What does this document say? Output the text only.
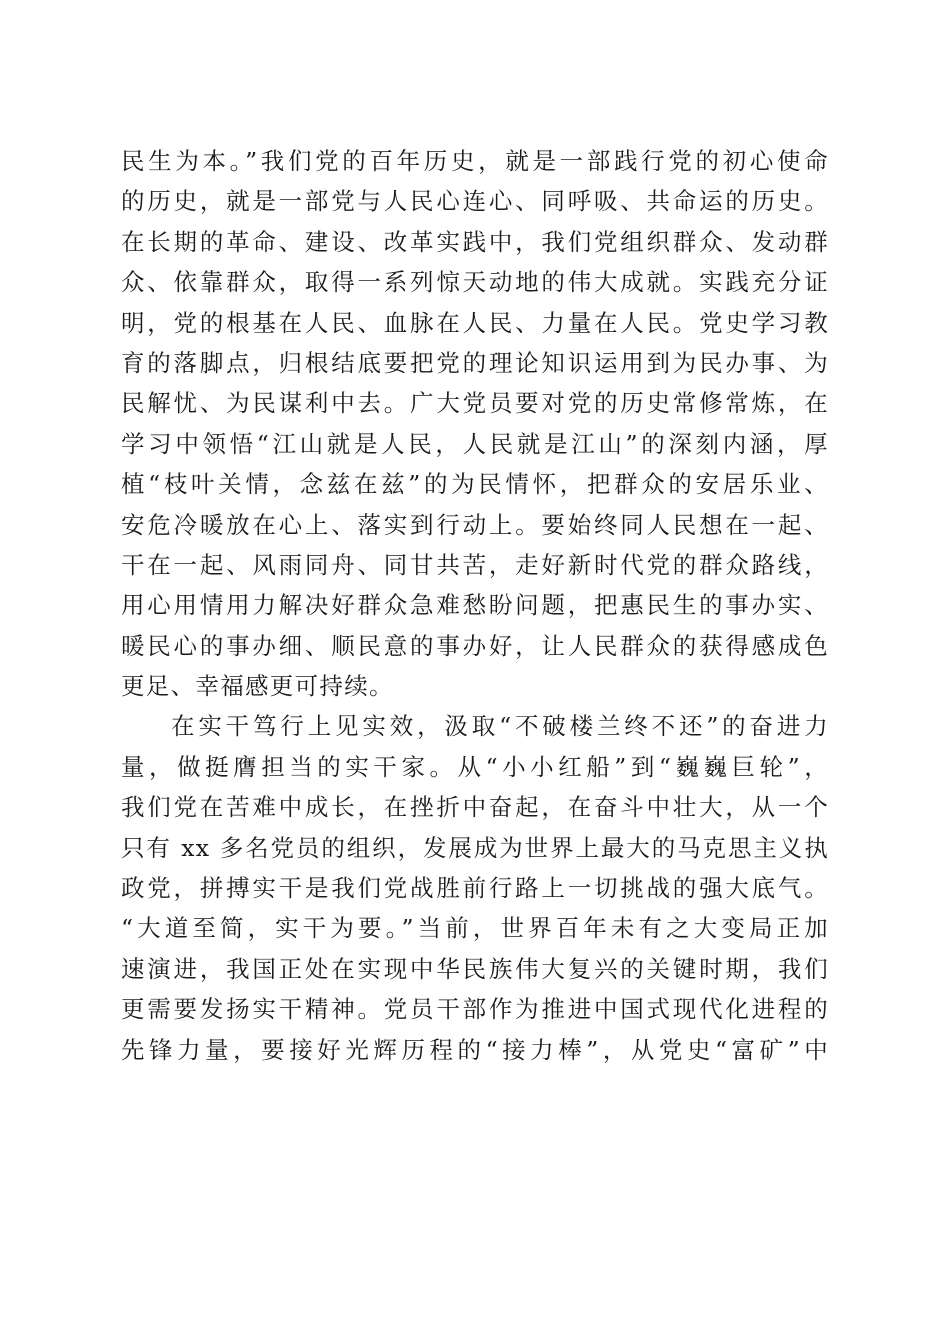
民生为本。”我们党的百年历史，就是一部践行党的初心使命
的历史，就是一部党与人民心连心、同呼吸、共命运的历史。
在长期的革命、建设、改革实践中，我们党组织群众、发动群
众、依靠群众，取得一系列惊天动地的伟大成就。实践充分证
明，党的根基在人民、血脉在人民、力量在人民。党史学习教
育的落脚点，归根结底要把党的理论知识运用到为民办事、为
民解忧、为民谋利中去。广大党员要对党的历史常修常炼，在
学习中领悟“江山就是人民，人民就是江山”的深刻内涵，厚
植“枝叶关情，念兹在兹”的为民情怀，把群众的安居乐业、
安危冷暖放在心上、落实到行动上。要始终同人民想在一起、
干在一起、风雨同舟、同甘共苦，走好新时代党的群众路线，
用心用情用力解决好群众急难愁盼问题，把惠民生的事办实、
暖民心的事办细、顺民意的事办好，让人民群众的获得感成色
更足、幸福感更可持续。
在实干笃行上见实效，汲取“不破楼兰终不还”的奋进力
量，做挺膺担当的实干家。从“小小红船”到“巍巍巨轮”，
我们党在苦难中成长，在挫折中奋起，在奋斗中壮大，从一个
只有 xx 多名党员的组织，发展成为世界上最大的马克思主义执
政党，拼搏实干是我们党战胜前行路上一切挑战的强大底气。
“大道至简，实干为要。”当前，世界百年未有之大变局正加
速演进，我国正处在实现中华民族伟大复兴的关键时期，我们
更需要发扬实干精神。党员干部作为推进中国式现代化进程的
先锋力量，要接好光辉历程的“接力棒”，从党史“富矿”中
